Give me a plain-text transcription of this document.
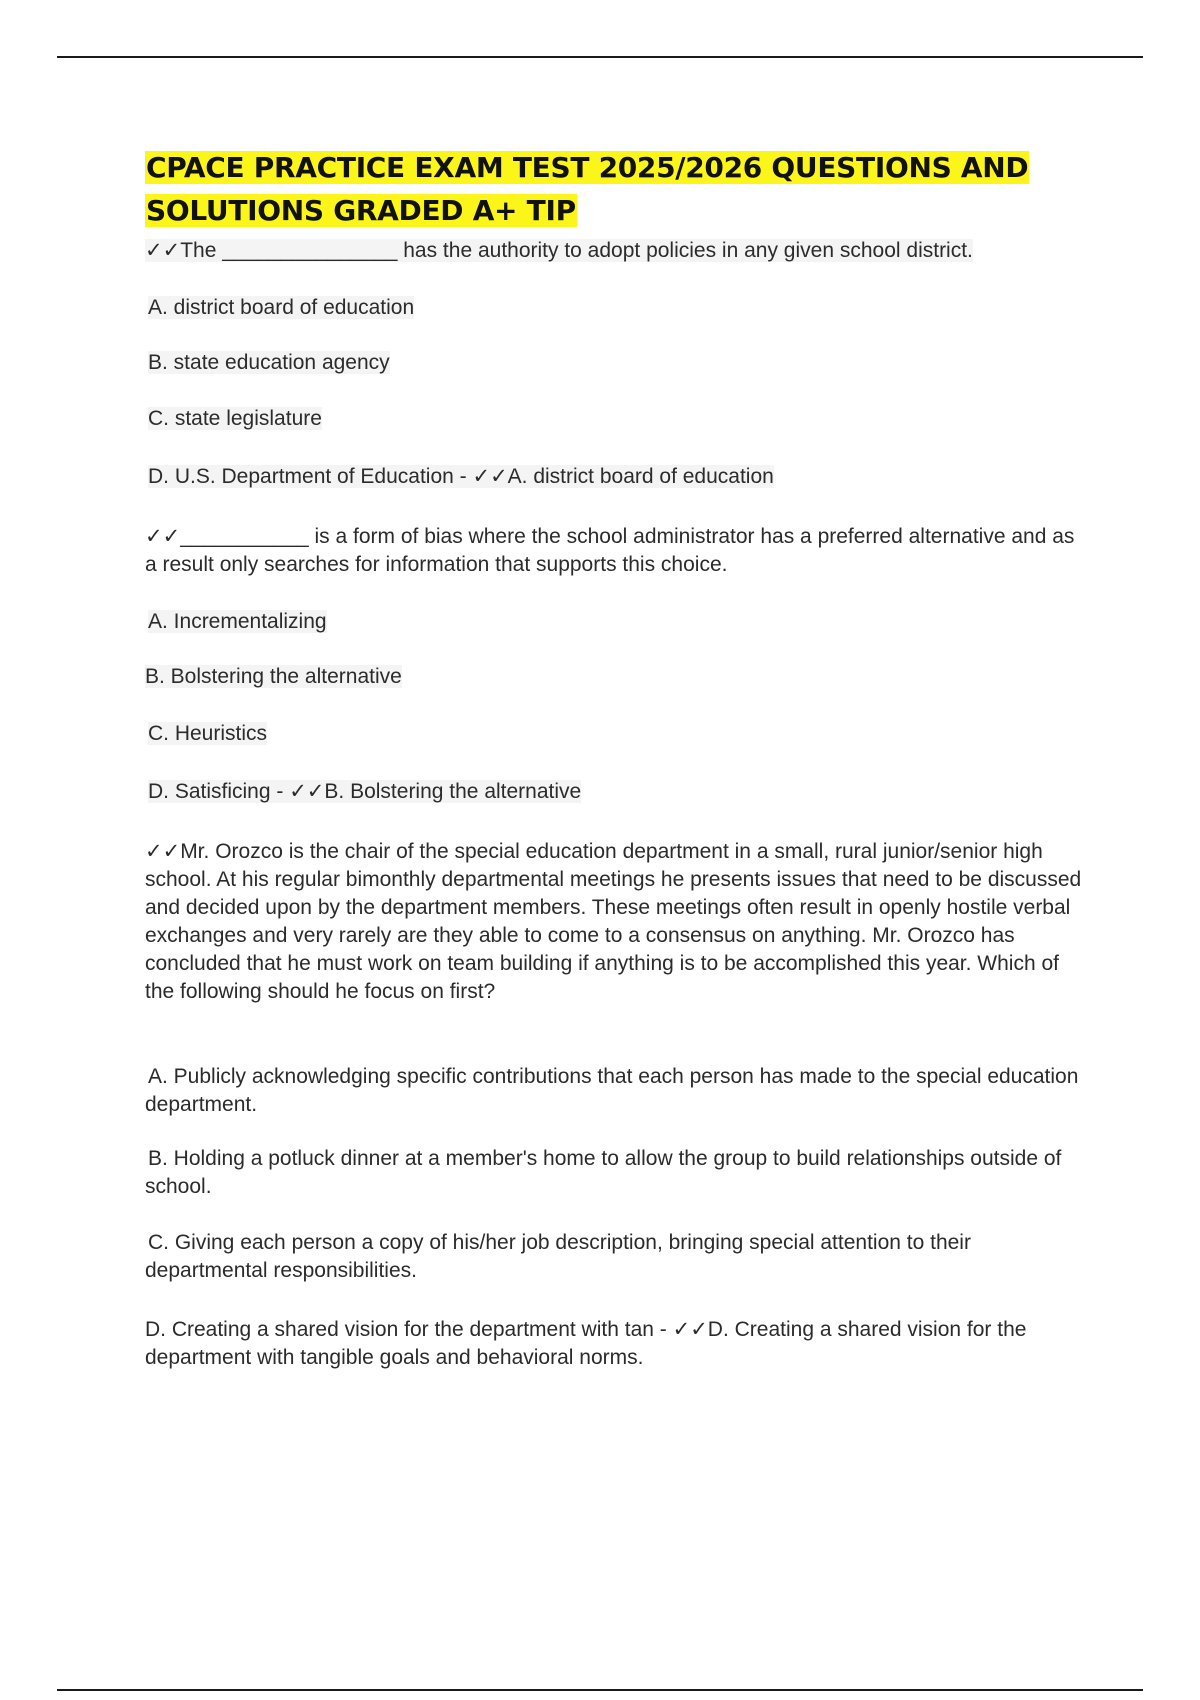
CPACE PRACTICE EXAM TEST 2025/2026 QUESTIONS AND SOLUTIONS GRADED A+ TIP
✓✓The _______________ has the authority to adopt policies in any given school district.
A. district board of education
B. state education agency
C. state legislature
D. U.S. Department of Education - ✓✓A. district board of education
✓✓___________ is a form of bias where the school administrator has a preferred alternative and as a result only searches for information that supports this choice.
A. Incrementalizing
B. Bolstering the alternative
C. Heuristics
D. Satisficing - ✓✓B. Bolstering the alternative
✓✓Mr. Orozco is the chair of the special education department in a small, rural junior/senior high school. At his regular bimonthly departmental meetings he presents issues that need to be discussed and decided upon by the department members. These meetings often result in openly hostile verbal exchanges and very rarely are they able to come to a consensus on anything. Mr. Orozco has concluded that he must work on team building if anything is to be accomplished this year. Which of the following should he focus on first?
A. Publicly acknowledging specific contributions that each person has made to the special education department.
B. Holding a potluck dinner at a member's home to allow the group to build relationships outside of school.
C. Giving each person a copy of his/her job description, bringing special attention to their departmental responsibilities.
D. Creating a shared vision for the department with tan - ✓✓D. Creating a shared vision for the department with tangible goals and behavioral norms.
